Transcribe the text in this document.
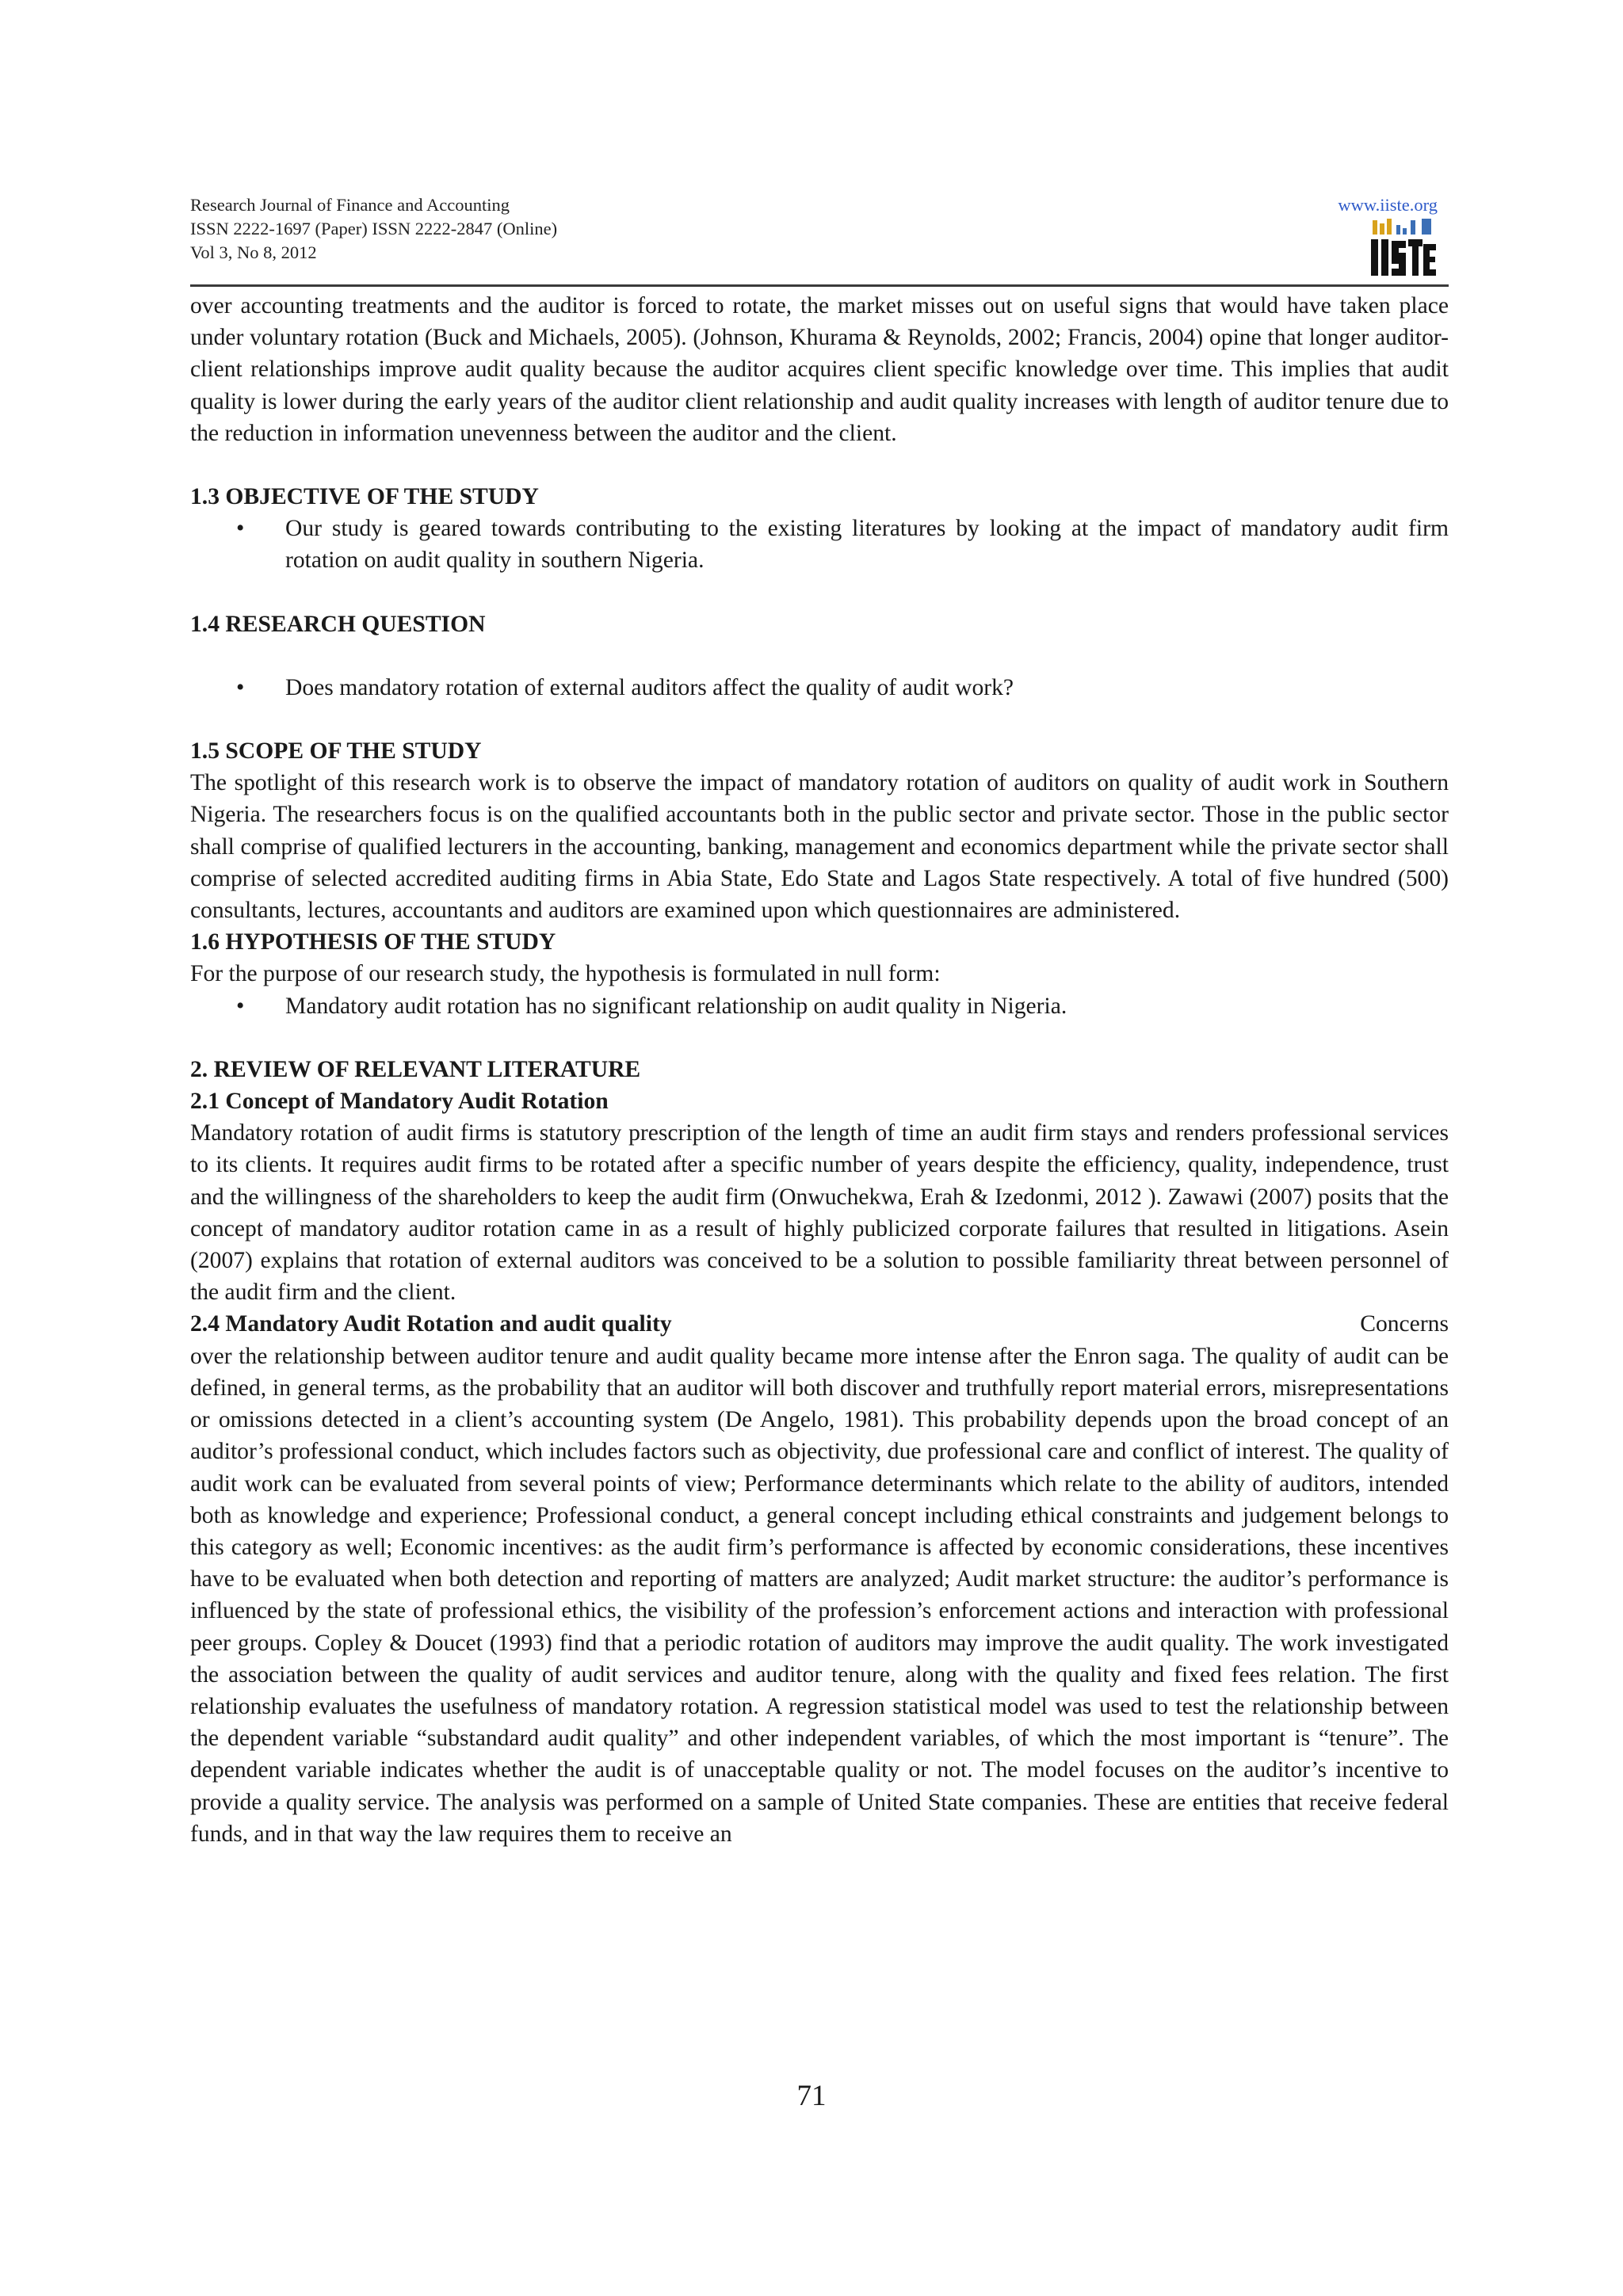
Research Journal of Finance and Accounting
ISSN 2222-1697 (Paper) ISSN 2222-2847 (Online)
Vol 3, No 8, 2012
www.iiste.org

over accounting treatments and the auditor is forced to rotate, the market misses out on useful signs that would have taken place under voluntary rotation (Buck and Michaels, 2005). (Johnson, Khurama & Reynolds, 2002; Francis, 2004) opine that longer auditor-client relationships improve audit quality because the auditor acquires client specific knowledge over time. This implies that audit quality is lower during the early years of the auditor client relationship and audit quality increases with length of auditor tenure due to the reduction in information unevenness between the auditor and the client.

1.3 OBJECTIVE OF THE STUDY
• Our study is geared towards contributing to the existing literatures by looking at the impact of mandatory audit firm rotation on audit quality in southern Nigeria.
1.4 RESEARCH QUESTION
• Does mandatory rotation of external auditors affect the quality of audit work?
1.5 SCOPE OF THE STUDY

The spotlight of this research work is to observe the impact of mandatory rotation of auditors on quality of audit work in Southern Nigeria. The researchers focus is on the qualified accountants both in the public sector and private sector. Those in the public sector shall comprise of qualified lecturers in the accounting, banking, management and economics department while the private sector shall comprise of selected accredited auditing firms in Abia State, Edo State and Lagos State respectively. A total of five hundred (500) consultants, lectures, accountants and auditors are examined upon which questionnaires are administered.

1.6 HYPOTHESIS OF THE STUDY

For the purpose of our research study, the hypothesis is formulated in null form:

• Mandatory audit rotation has no significant relationship on audit quality in Nigeria.
2. REVIEW OF RELEVANT LITERATURE
2.1 Concept of Mandatory Audit Rotation

Mandatory rotation of audit firms is statutory prescription of the length of time an audit firm stays and renders professional services to its clients. It requires audit firms to be rotated after a specific number of years despite the efficiency, quality, independence, trust and the willingness of the shareholders to keep the audit firm (Onwuchekwa, Erah & Izedonmi, 2012 ). Zawawi (2007) posits that the concept of mandatory auditor rotation came in as a result of highly publicized corporate failures that resulted in litigations. Asein (2007) explains that rotation of external auditors was conceived to be a solution to possible familiarity threat between personnel of the audit firm and the client.

2.4 Mandatory Audit Rotation and audit quality	Concerns

over the relationship between auditor tenure and audit quality became more intense after the Enron saga. The quality of audit can be defined, in general terms, as the probability that an auditor will both discover and truthfully report material errors, misrepresentations or omissions detected in a client’s accounting system (De Angelo, 1981). This probability depends upon the broad concept of an auditor’s professional conduct, which includes factors such as objectivity, due professional care and conflict of interest. The quality of audit work can be evaluated from several points of view; Performance determinants which relate to the ability of auditors, intended both as knowledge and experience; Professional conduct, a general concept including ethical constraints and judgement belongs to this category as well; Economic incentives: as the audit firm’s performance is affected by economic considerations, these incentives have to be evaluated when both detection and reporting of matters are analyzed; Audit market structure: the auditor’s performance is influenced by the state of professional ethics, the visibility of the profession’s enforcement actions and interaction with professional peer groups. Copley & Doucet (1993) find that a periodic rotation of auditors may improve the audit quality. The work investigated the association between the quality of audit services and auditor tenure, along with the quality and fixed fees relation. The first relationship evaluates the usefulness of mandatory rotation. A regression statistical model was used to test the relationship between the dependent variable “substandard audit quality” and other independent variables, of which the most important is “tenure”. The dependent variable indicates whether the audit is of unacceptable quality or not. The model focuses on the auditor’s incentive to provide a quality service. The analysis was performed on a sample of United State companies. These are entities that receive federal funds, and in that way the law requires them to receive an

71
